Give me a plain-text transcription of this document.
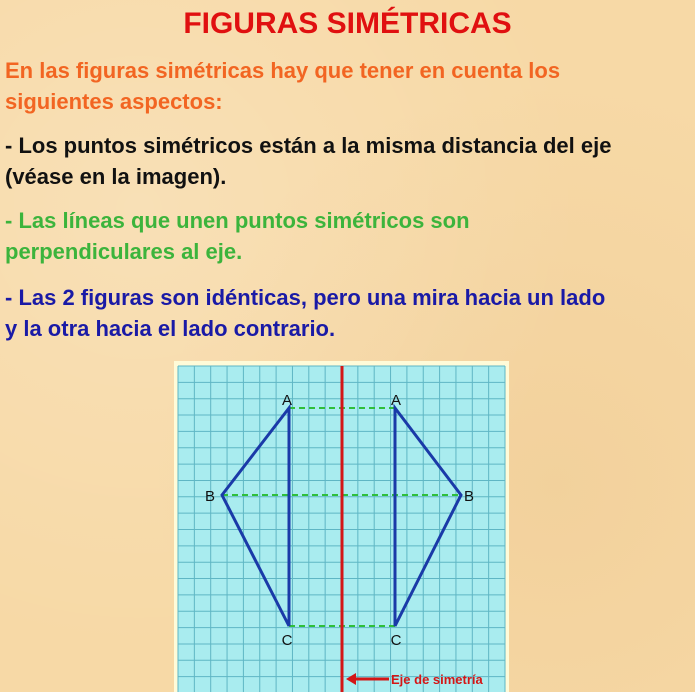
FIGURAS SIMÉTRICAS

En las figuras simétricas hay que tener en cuenta los
siguientes aspectos:

- Los puntos simétricos están a la misma distancia del eje
(véase en la imagen).

- Las líneas que unen puntos simétricos son
perpendiculares al eje.

- Las 2 figuras son idénticas, pero una mira hacia un lado
y la otra hacia el lado contrario.

A
B
C
A
B
C
Eje de simetría
